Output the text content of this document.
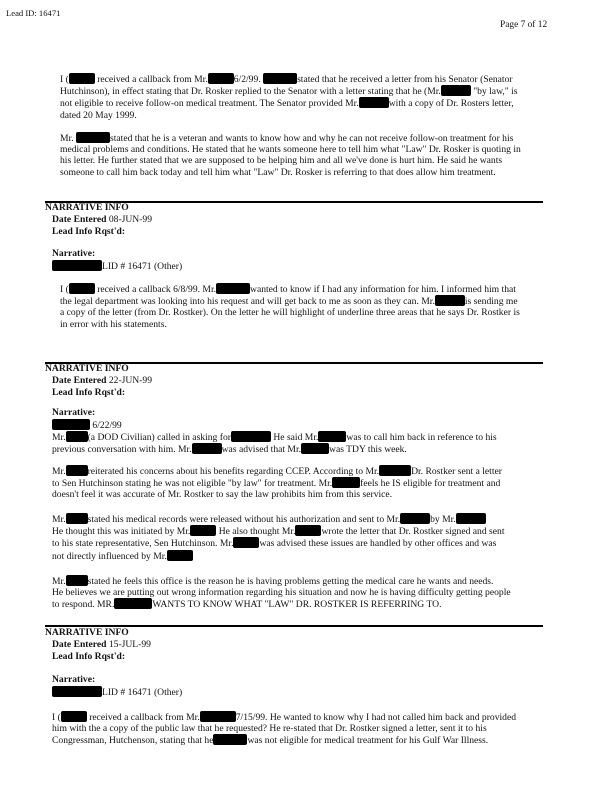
Lead ID: 16471
Page 7 of 12

I (	received a callback from Mr.	6/2/99.	stated that he received a letter from his Senator (Senator
Hutchinson), in effect stating that Dr. Rosker replied to the Senator with a letter stating that he (Mr.	"by law," is
not eligible to receive follow-on medical treatment. The Senator provided Mr.	with a copy of Dr. Rosters letter,
dated 20 May 1999.

Mr.	stated that he is a veteran and wants to know how and why he can not receive follow-on treatment for his
medical problems and conditions. He stated that he wants someone here to tell him what "Law" Dr. Rosker is quoting in
his letter. He further stated that we are supposed to be helping him and all we've done is hurt him. He said he wants
someone to call him back today and tell him what "Law" Dr. Rosker is referring to that does allow him treatment.

NARRATIVE INFO
Date Entered 08-JUN-99
Lead Info Rqst'd:
Narrative:
LID # 16471 (Other)

I (	received a callback 6/8/99. Mr.	wanted to know if I had any information for him. I informed him that
the legal department was looking into his request and will get back to me as soon as they can. Mr.	is sending me
a copy of the letter (from Dr. Rostker). On the letter he will highlight of underline three areas that he says Dr. Rostker is
in error with his statements.

NARRATIVE INFO
Date Entered 22-JUN-99
Lead Info Rqst'd:
Narrative:
6/22/99

Mr. (a DOD Civilian) called in asking for	He said Mr.	was to call him back in reference to his
previous conversation with him. Mr.	was advised that Mr.	was TDY this week.

Mr. reiterated his concerns about his benefits regarding CCEP. According to Mr.	Dr. Rostker sent a letter
to Sen Hutchinson stating he was not eligible "by law" for treatment. Mr.	feels he IS eligible for treatment and
doesn't feel it was accurate of Mr. Rostker to say the law prohibits him from this service.

Mr. stated his medical records were released without his authorization and sent to Mr.	by Mr.
He thought this was initiated by Mr.	He also thought Mr.	wrote the letter that Dr. Rostker signed and sent
to his state representative, Sen Hutchinson. Mr.	was advised these issues are handled by other offices and was
not directly influenced by Mr.

Mr. stated he feels this office is the reason he is having problems getting the medical care he wants and needs.
He believes we are putting out wrong information regarding his situation and now he is having difficulty getting people
to respond. MR.	WANTS TO KNOW WHAT "LAW" DR. ROSTKER IS REFERRING TO.

NARRATIVE INFO
Date Entered 15-JUL-99
Lead Info Rqst'd:
Narrative:
LID # 16471 (Other)

I (	received a callback from Mr.	7/15/99. He wanted to know why I had not called him back and provided
him with the a copy of the public law that he requested? He re-stated that Dr. Rostker signed a letter, sent it to his
Congressman, Hutchenson, stating that he	was not eligible for medical treatment for his Gulf War Illness.
